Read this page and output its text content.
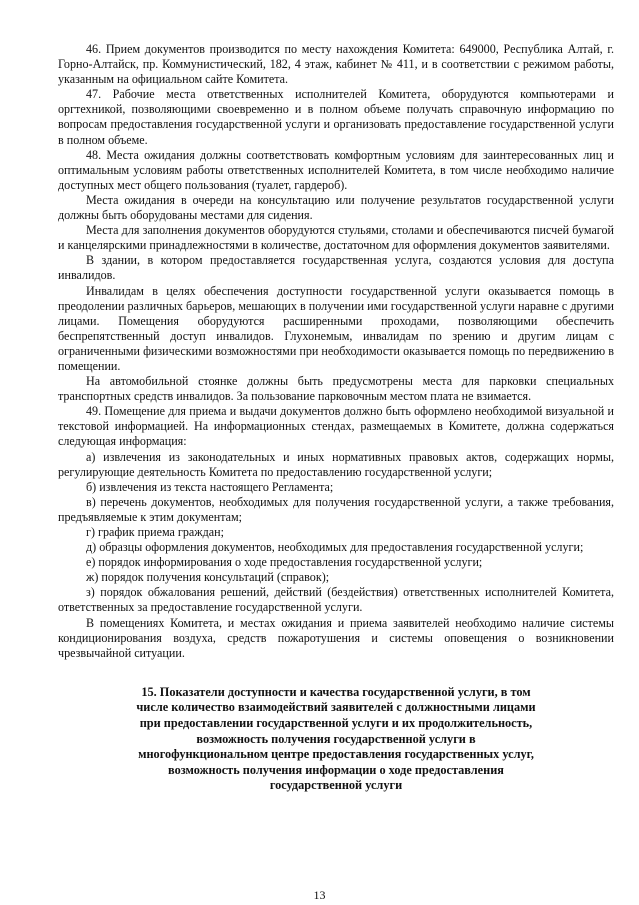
46. Прием документов производится по месту нахождения Комитета: 649000, Республика Алтай, г. Горно-Алтайск, пр. Коммунистический, 182, 4 этаж, кабинет № 411, и в соответствии с режимом работы, указанным на официальном сайте Комитета.

47. Рабочие места ответственных исполнителей Комитета, оборудуются компьютерами и оргтехникой, позволяющими своевременно и в полном объеме получать справочную информацию по вопросам предоставления государственной услуги и организовать предоставление государственной услуги в полном объеме.

48. Места ожидания должны соответствовать комфортным условиям для заинтересованных лиц и оптимальным условиям работы ответственных исполнителей Комитета, в том числе необходимо наличие доступных мест общего пользования (туалет, гардероб).

Места ожидания в очереди на консультацию или получение результатов государственной услуги должны быть оборудованы местами для сидения.

Места для заполнения документов оборудуются стульями, столами и обеспечиваются писчей бумагой и канцелярскими принадлежностями в количестве, достаточном для оформления документов заявителями.

В здании, в котором предоставляется государственная услуга, создаются условия для доступа инвалидов.

Инвалидам в целях обеспечения доступности государственной услуги оказывается помощь в преодолении различных барьеров, мешающих в получении ими государственной услуги наравне с другими лицами. Помещения оборудуются расширенными проходами, позволяющими обеспечить беспрепятственный доступ инвалидов. Глухонемым, инвалидам по зрению и другим лицам с ограниченными физическими возможностями при необходимости оказывается помощь по передвижению в помещении.

На автомобильной стоянке должны быть предусмотрены места для парковки специальных транспортных средств инвалидов. За пользование парковочным местом плата не взимается.

49. Помещение для приема и выдачи документов должно быть оформлено необходимой визуальной и текстовой информацией. На информационных стендах, размещаемых в Комитете, должна содержаться следующая информация:

а) извлечения из законодательных и иных нормативных правовых актов, содержащих нормы, регулирующие деятельность Комитета по предоставлению государственной услуги;

б) извлечения из текста настоящего Регламента;

в) перечень документов, необходимых для получения государственной услуги, а также требования, предъявляемые к этим документам;

г) график приема граждан;

д) образцы оформления документов, необходимых для предоставления государственной услуги;

е) порядок информирования о ходе предоставления государственной услуги;

ж) порядок получения консультаций (справок);

з) порядок обжалования решений, действий (бездействия) ответственных исполнителей Комитета, ответственных за предоставление государственной услуги.

В помещениях Комитета, и местах ожидания и приема заявителей необходимо наличие системы кондиционирования воздуха, средств пожаротушения и системы оповещения о возникновении чрезвычайной ситуации.

15. Показатели доступности и качества государственной услуги, в том числе количество взаимодействий заявителей с должностными лицами при предоставлении государственной услуги и их продолжительность, возможность получения государственной услуги в многофункциональном центре предоставления государственных услуг, возможность получения информации о ходе предоставления государственной услуги
13
